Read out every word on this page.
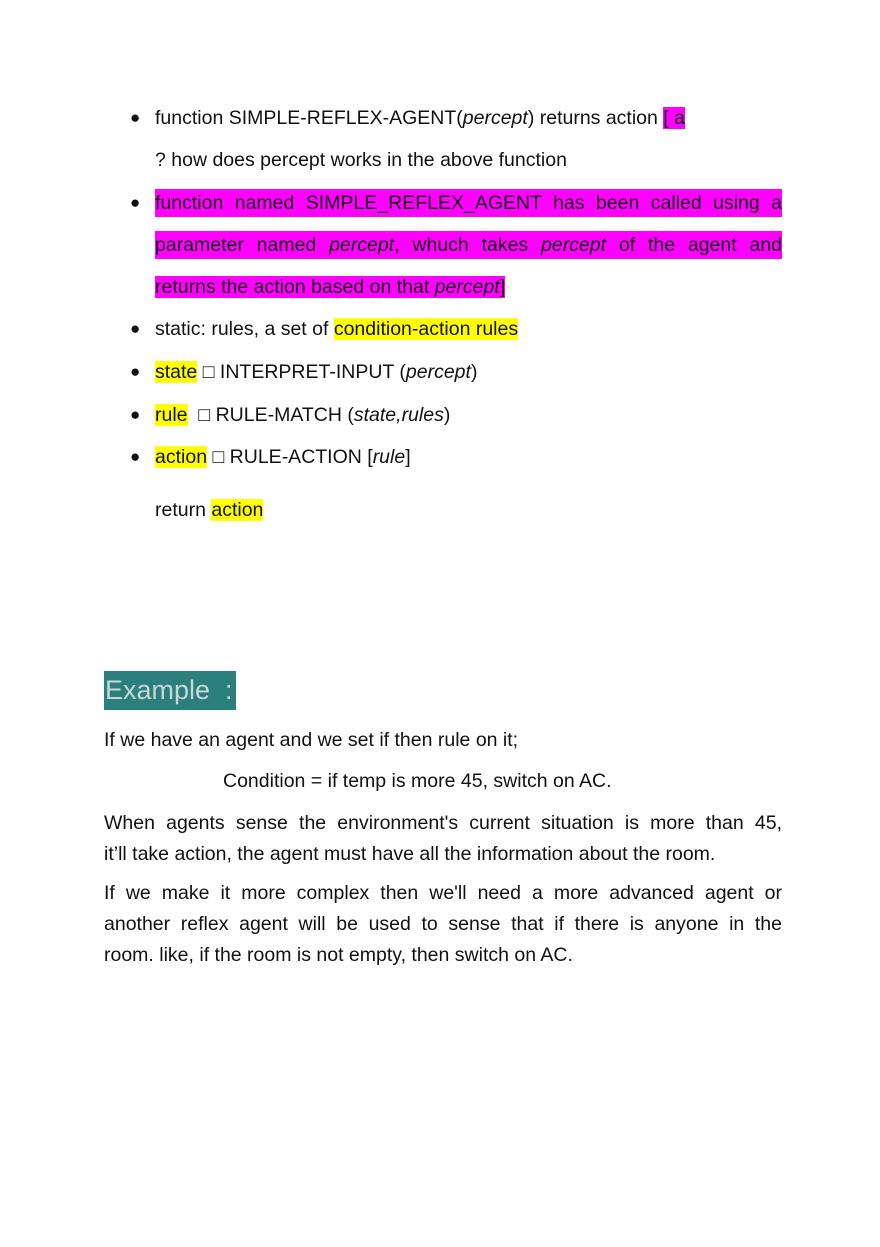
● function SIMPLE-REFLEX-AGENT(percept) returns action [ a
? how does percept works in the above function
● function named SIMPLE_REFLEX_AGENT has been called using a
parameter named percept, whuch takes percept of the agent and
returns the action based on that percept]
● static: rules, a set of condition-action rules
● state □ INTERPRET-INPUT (percept)
● rule  □ RULE-MATCH (state,rules)
● action □ RULE-ACTION [rule]
return action
Example  :
If we have an agent and we set if then rule on it;
Condition = if temp is more 45, switch on AC.
When agents sense the environment's current situation is more than 45,
it’ll take action, the agent must have all the information about the room.
If we make it more complex then we'll need a more advanced agent or
another reflex agent will be used to sense that if there is anyone in the
room. like, if the room is not empty, then switch on AC.
